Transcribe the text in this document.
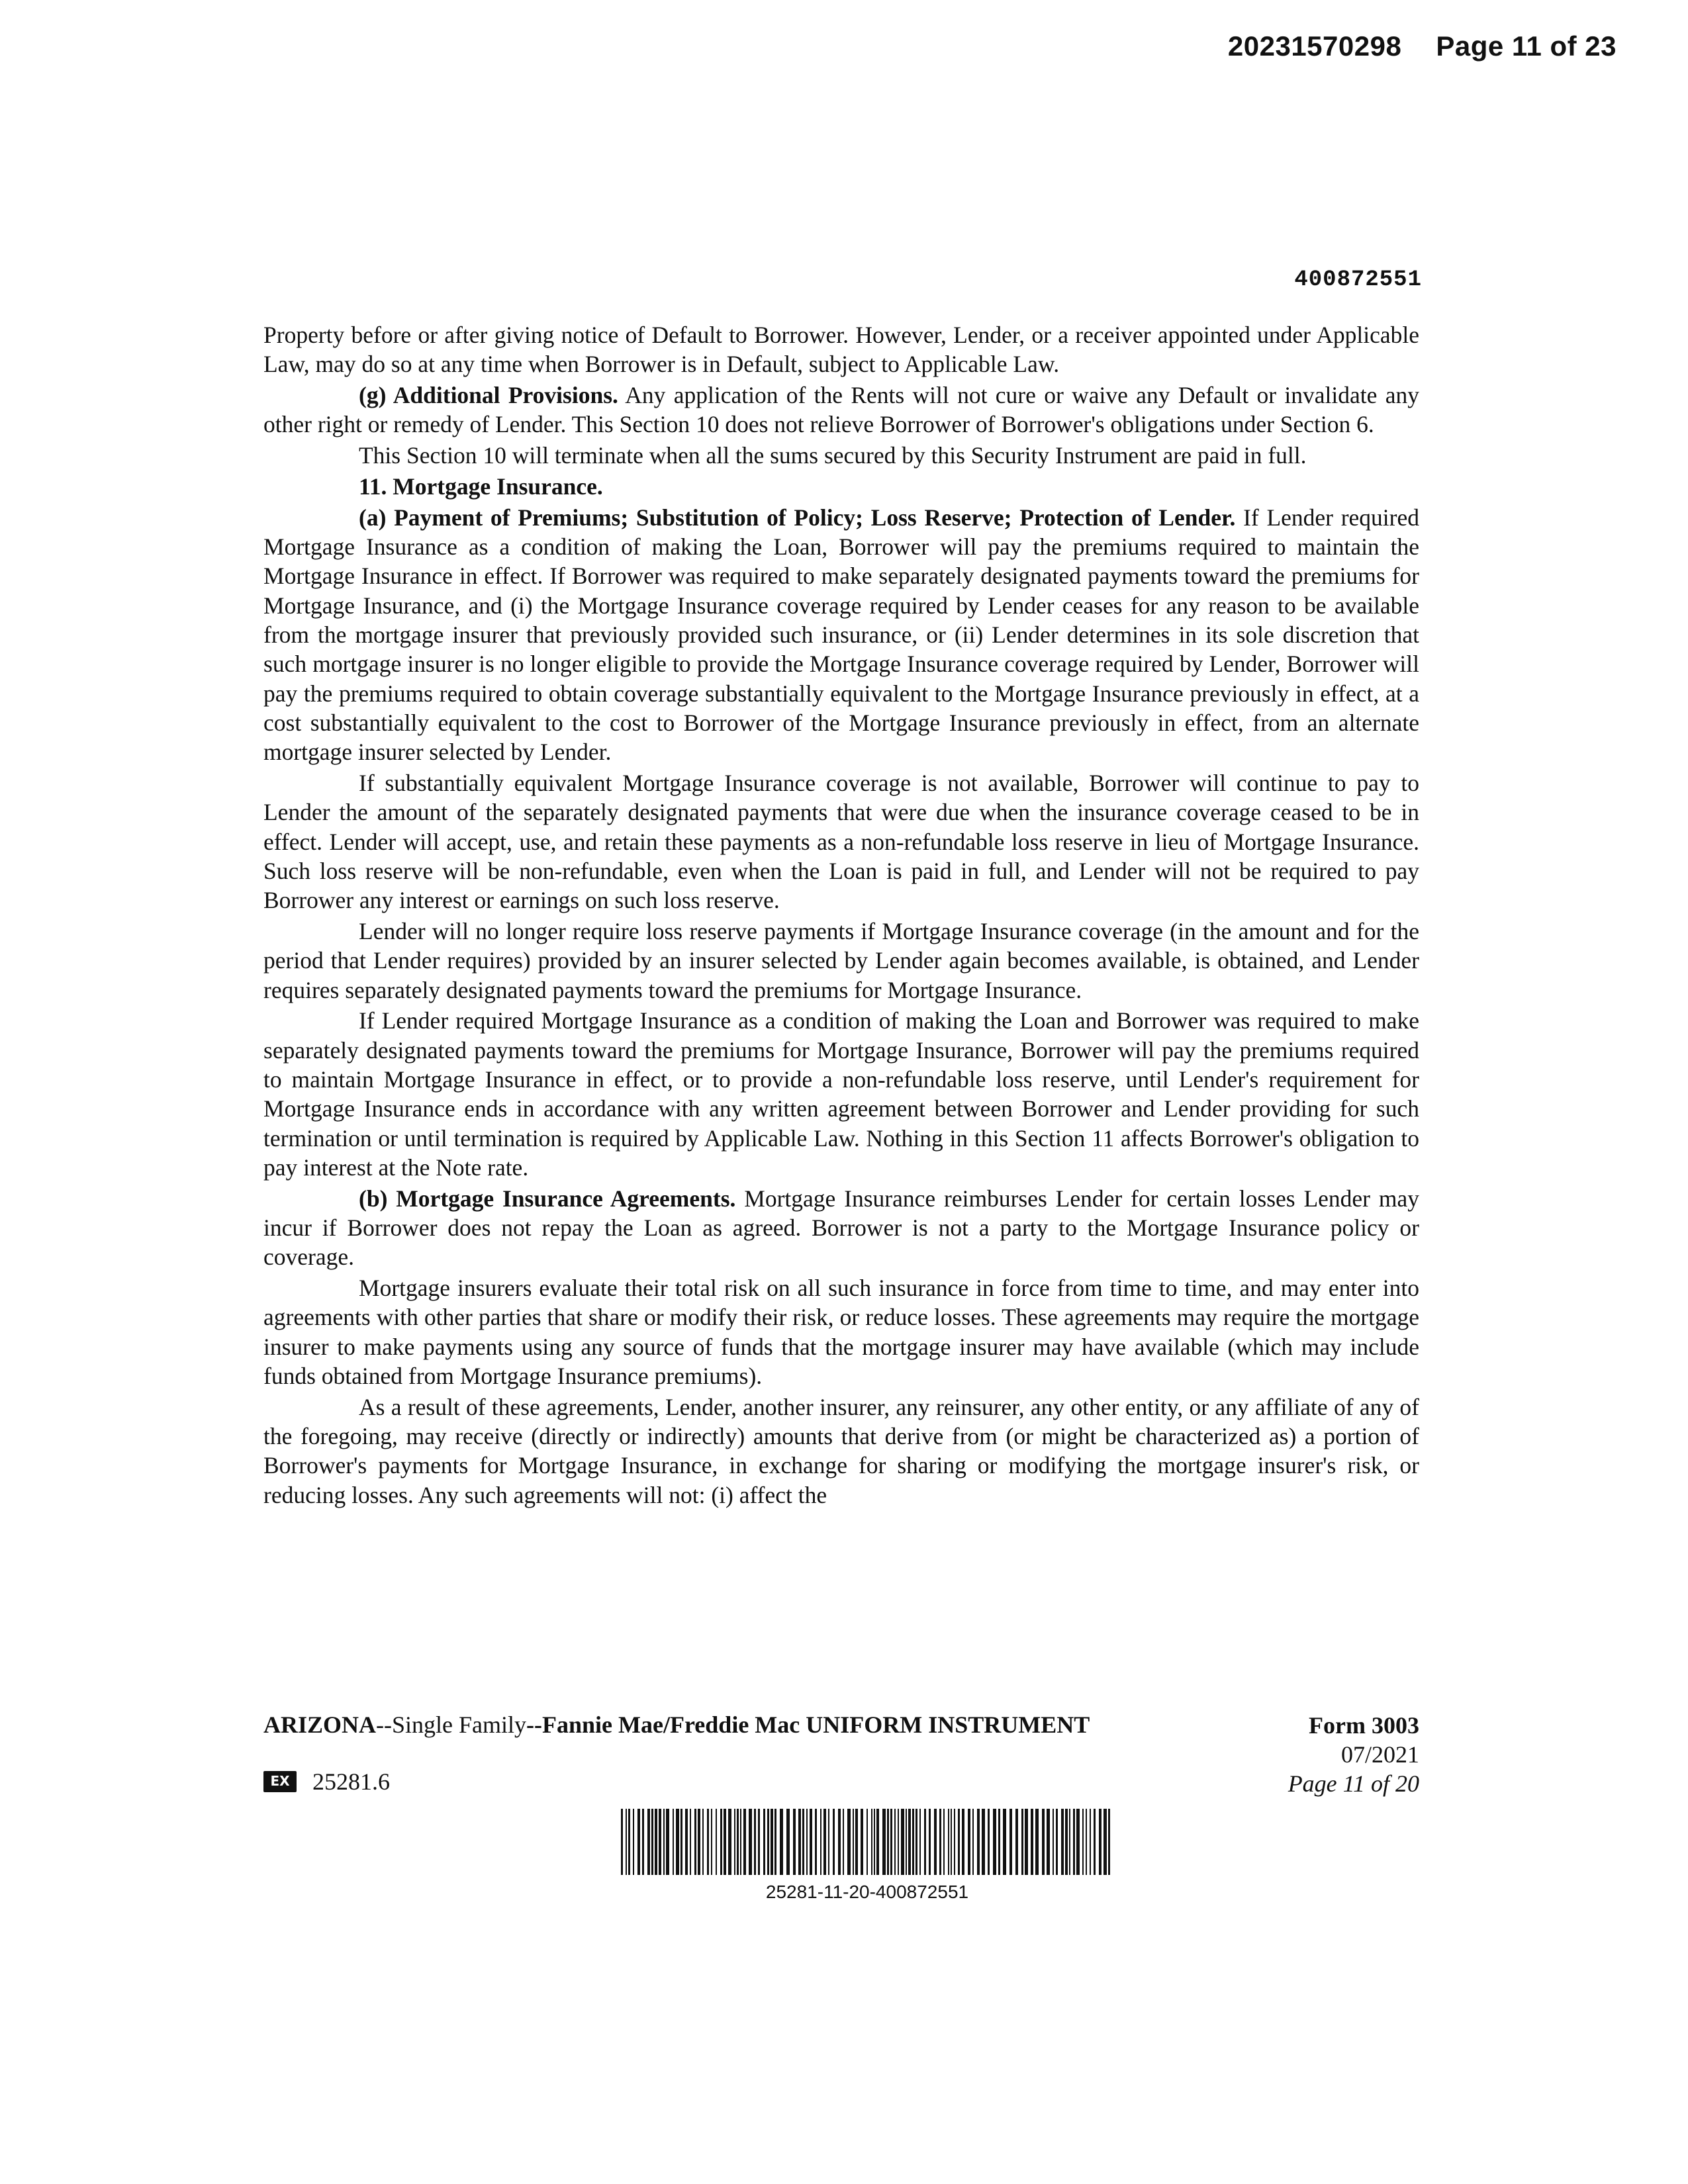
20231570298 Page 11 of 23
400872551

Property before or after giving notice of Default to Borrower. However, Lender, or a receiver appointed under Applicable Law, may do so at any time when Borrower is in Default, subject to Applicable Law.

(g) Additional Provisions. Any application of the Rents will not cure or waive any Default or invalidate any other right or remedy of Lender. This Section 10 does not relieve Borrower of Borrower's obligations under Section 6.

This Section 10 will terminate when all the sums secured by this Security Instrument are paid in full.

11. Mortgage Insurance.

(a) Payment of Premiums; Substitution of Policy; Loss Reserve; Protection of Lender. If Lender required Mortgage Insurance as a condition of making the Loan, Borrower will pay the premiums required to maintain the Mortgage Insurance in effect. If Borrower was required to make separately designated payments toward the premiums for Mortgage Insurance, and (i) the Mortgage Insurance coverage required by Lender ceases for any reason to be available from the mortgage insurer that previously provided such insurance, or (ii) Lender determines in its sole discretion that such mortgage insurer is no longer eligible to provide the Mortgage Insurance coverage required by Lender, Borrower will pay the premiums required to obtain coverage substantially equivalent to the Mortgage Insurance previously in effect, at a cost substantially equivalent to the cost to Borrower of the Mortgage Insurance previously in effect, from an alternate mortgage insurer selected by Lender.

If substantially equivalent Mortgage Insurance coverage is not available, Borrower will continue to pay to Lender the amount of the separately designated payments that were due when the insurance coverage ceased to be in effect. Lender will accept, use, and retain these payments as a non-refundable loss reserve in lieu of Mortgage Insurance. Such loss reserve will be non-refundable, even when the Loan is paid in full, and Lender will not be required to pay Borrower any interest or earnings on such loss reserve.

Lender will no longer require loss reserve payments if Mortgage Insurance coverage (in the amount and for the period that Lender requires) provided by an insurer selected by Lender again becomes available, is obtained, and Lender requires separately designated payments toward the premiums for Mortgage Insurance.

If Lender required Mortgage Insurance as a condition of making the Loan and Borrower was required to make separately designated payments toward the premiums for Mortgage Insurance, Borrower will pay the premiums required to maintain Mortgage Insurance in effect, or to provide a non-refundable loss reserve, until Lender's requirement for Mortgage Insurance ends in accordance with any written agreement between Borrower and Lender providing for such termination or until termination is required by Applicable Law. Nothing in this Section 11 affects Borrower's obligation to pay interest at the Note rate.

(b) Mortgage Insurance Agreements. Mortgage Insurance reimburses Lender for certain losses Lender may incur if Borrower does not repay the Loan as agreed. Borrower is not a party to the Mortgage Insurance policy or coverage.

Mortgage insurers evaluate their total risk on all such insurance in force from time to time, and may enter into agreements with other parties that share or modify their risk, or reduce losses. These agreements may require the mortgage insurer to make payments using any source of funds that the mortgage insurer may have available (which may include funds obtained from Mortgage Insurance premiums).

As a result of these agreements, Lender, another insurer, any reinsurer, any other entity, or any affiliate of any of the foregoing, may receive (directly or indirectly) amounts that derive from (or might be characterized as) a portion of Borrower's payments for Mortgage Insurance, in exchange for sharing or modifying the mortgage insurer's risk, or reducing losses. Any such agreements will not: (i) affect the

ARIZONA--Single Family--Fannie Mae/Freddie Mac UNIFORM INSTRUMENT	Form 3003
07/2021
Page 11 of 20
EX 25281.6
25281-11-20-400872551
